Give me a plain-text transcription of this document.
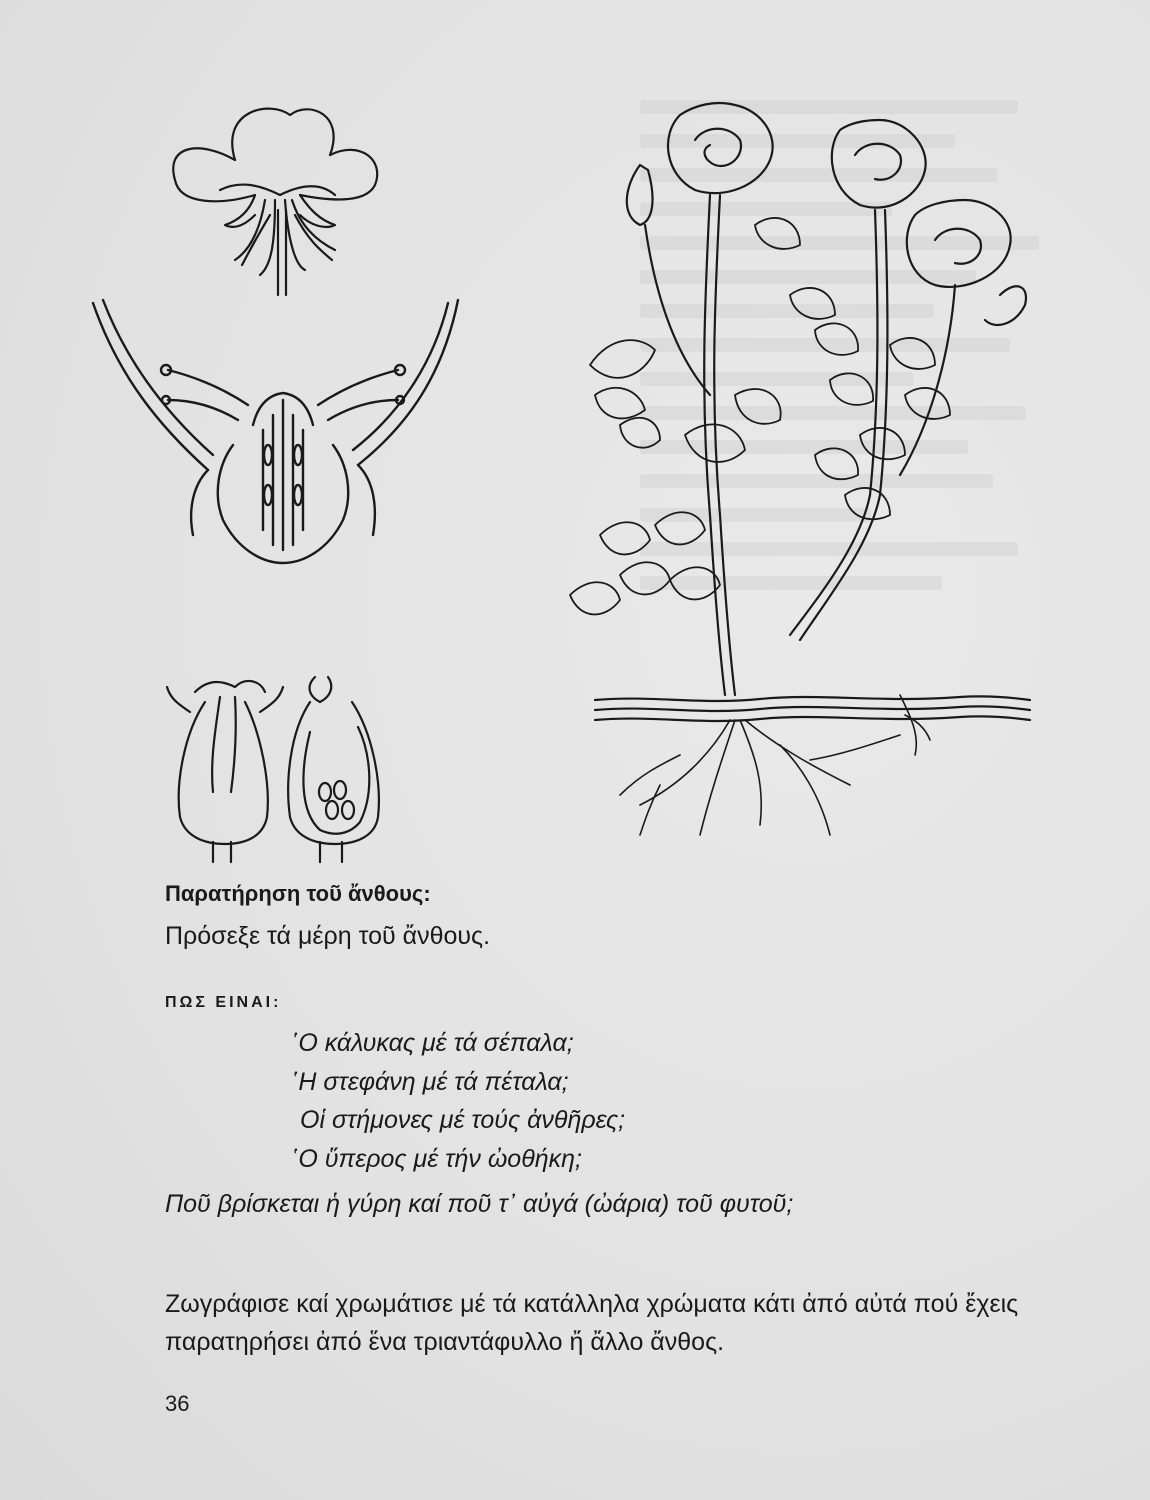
Παρατήρηση τοῦ ἄνθους:
Πρόσεξε τά μέρη τοῦ ἄνθους.
ΠΩΣ ΕΙΝΑΙ:
῾Ο κάλυκας μέ τά σέπαλα;
῾Η στεφάνη μέ τά πέταλα;
Οἱ στήμονες μέ τούς ἀνθῆρες;
῾Ο ὕπερος μέ τήν ὠοθήκη;
Ποῦ βρίσκεται ἡ γύρη καί ποῦ τ᾽ αὐγά (ὠάρια) τοῦ φυτοῦ;
Ζωγράφισε καί χρωμάτισε μέ τά κατάλληλα χρώματα κάτι ἀπό αὐτά πού ἔχεις παρατηρήσει ἀπό ἕνα τριαντάφυλλο ἤ ἄλλο ἄνθος.
36
